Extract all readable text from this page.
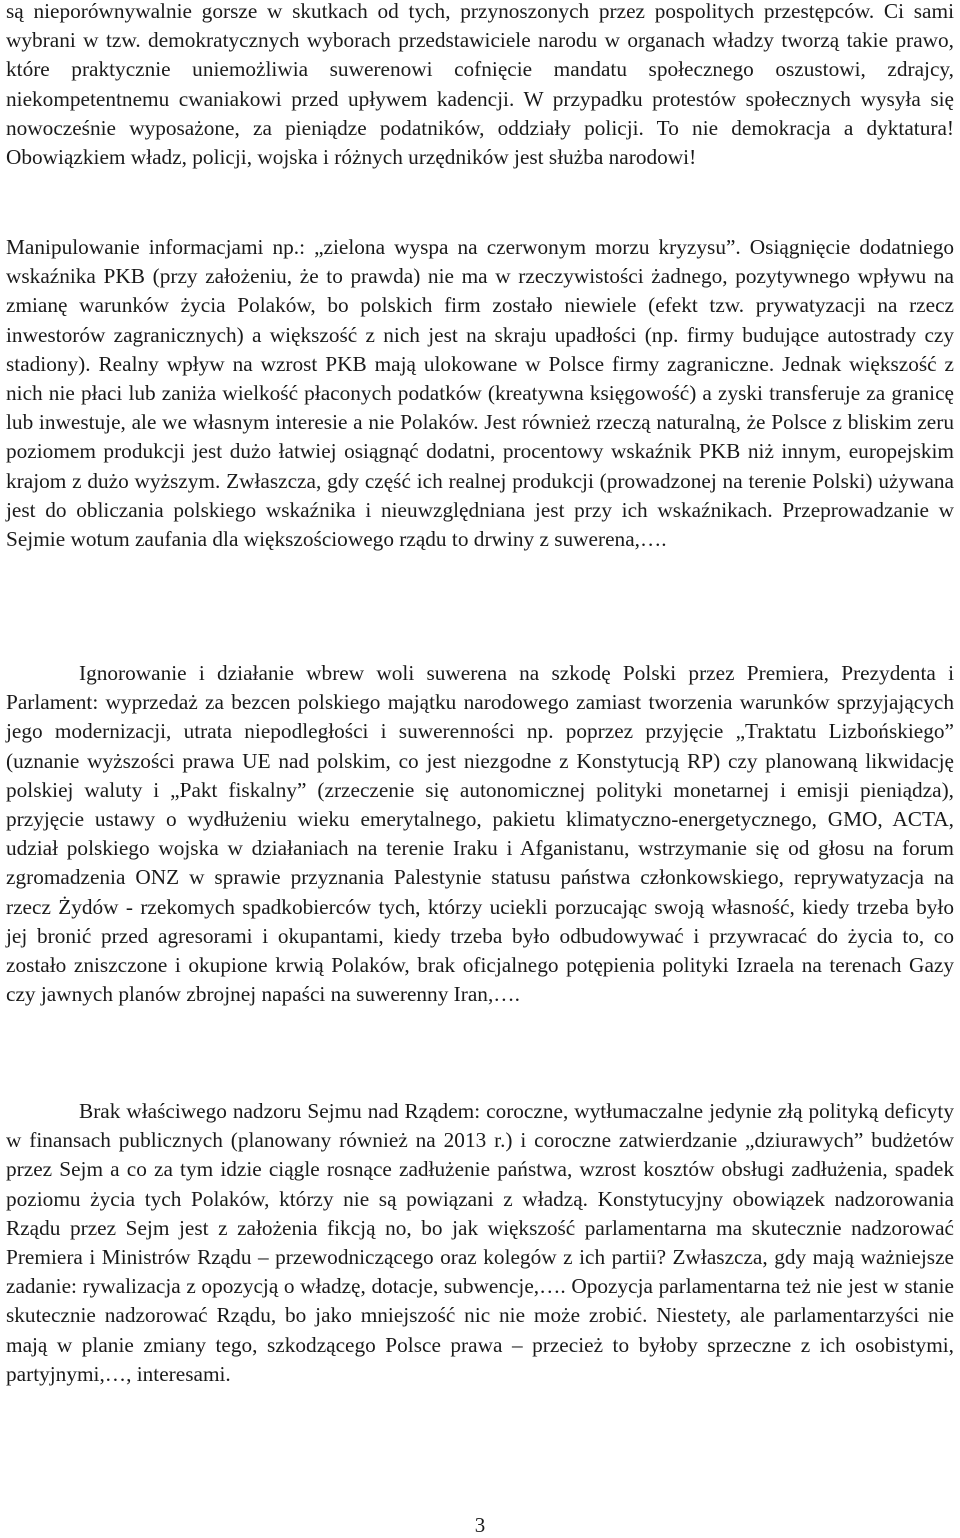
są nieporównywalnie gorsze w skutkach od tych, przynoszonych przez pospolitych przestępców. Ci sami wybrani w tzw. demokratycznych wyborach przedstawiciele narodu w organach władzy tworzą takie prawo, które praktycznie uniemożliwia suwerenowi cofnięcie mandatu społecznego oszustowi, zdrajcy, niekompetentnemu cwaniakowi przed upływem kadencji. W przypadku protestów społecznych wysyła się nowocześnie wyposażone, za pieniądze podatników, oddziały policji. To nie demokracja a dyktatura! Obowiązkiem władz, policji, wojska i różnych urzędników jest służba narodowi!

Manipulowanie informacjami np.: „zielona wyspa na czerwonym morzu kryzysu”. Osiągnięcie dodatniego wskaźnika PKB (przy założeniu, że to prawda) nie ma w rzeczywistości żadnego, pozytywnego wpływu na zmianę warunków życia Polaków, bo polskich firm zostało niewiele (efekt tzw. prywatyzacji na rzecz inwestorów zagranicznych) a większość z nich jest na skraju upadłości (np. firmy budujące autostrady czy stadiony). Realny wpływ na wzrost PKB mają ulokowane w Polsce firmy zagraniczne. Jednak większość z nich nie płaci lub zaniża wielkość płaconych podatków (kreatywna księgowość) a zyski transferuje za granicę lub inwestuje, ale we własnym interesie a nie Polaków. Jest również rzeczą naturalną, że Polsce z bliskim zeru poziomem produkcji jest dużo łatwiej osiągnąć dodatni, procentowy wskaźnik PKB niż innym, europejskim krajom z dużo wyższym. Zwłaszcza, gdy część ich realnej produkcji (prowadzonej na terenie Polski) używana jest do obliczania polskiego wskaźnika i nieuwzględniana jest przy ich wskaźnikach. Przeprowadzanie w Sejmie wotum zaufania dla większościowego rządu to drwiny z suwerena,….

Ignorowanie i działanie wbrew woli suwerena na szkodę Polski przez Premiera, Prezydenta i Parlament: wyprzedaż za bezcen polskiego majątku narodowego zamiast tworzenia warunków sprzyjających jego modernizacji, utrata niepodległości i suwerenności np. poprzez przyjęcie „Traktatu Lizbońskiego” (uznanie wyższości prawa UE nad polskim, co jest niezgodne z Konstytucją RP) czy planowaną likwidację polskiej waluty i „Pakt fiskalny” (zrzeczenie się autonomicznej polityki monetarnej i emisji pieniądza), przyjęcie ustawy o wydłużeniu wieku emerytalnego, pakietu klimatyczno-energetycznego, GMO, ACTA, udział polskiego wojska w działaniach na terenie Iraku i Afganistanu, wstrzymanie się od głosu na forum zgromadzenia ONZ w sprawie przyznania Palestynie statusu państwa członkowskiego, reprywatyzacja na rzecz Żydów - rzekomych spadkobierców tych, którzy uciekli porzucając swoją własność, kiedy trzeba było jej bronić przed agresorami i okupantami, kiedy trzeba było odbudowywać i przywracać do życia to, co zostało zniszczone i okupione krwią Polaków, brak oficjalnego potępienia polityki Izraela na terenach Gazy czy jawnych planów zbrojnej napaści na suwerenny Iran,….

Brak właściwego nadzoru Sejmu nad Rządem: coroczne, wytłumaczalne jedynie złą polityką deficyty w finansach publicznych (planowany również na 2013 r.) i coroczne zatwierdzanie „dziurawych” budżetów przez Sejm a co za tym idzie ciągle rosnące zadłużenie państwa, wzrost kosztów obsługi zadłużenia, spadek poziomu życia tych Polaków, którzy nie są powiązani z władzą. Konstytucyjny obowiązek nadzorowania Rządu przez Sejm jest z założenia fikcją no, bo jak większość parlamentarna ma skutecznie nadzorować Premiera i Ministrów Rządu – przewodniczącego oraz kolegów z ich partii? Zwłaszcza, gdy mają ważniejsze zadanie: rywalizacja z opozycją o władzę, dotacje, subwencje,…. Opozycja parlamentarna też nie jest w stanie skutecznie nadzorować Rządu, bo jako mniejszość nic nie może zrobić. Niestety, ale parlamentarzyści nie mają w planie zmiany tego, szkodzącego Polsce prawa – przecież to byłoby sprzeczne z ich osobistymi, partyjnymi,…, interesami.

3
